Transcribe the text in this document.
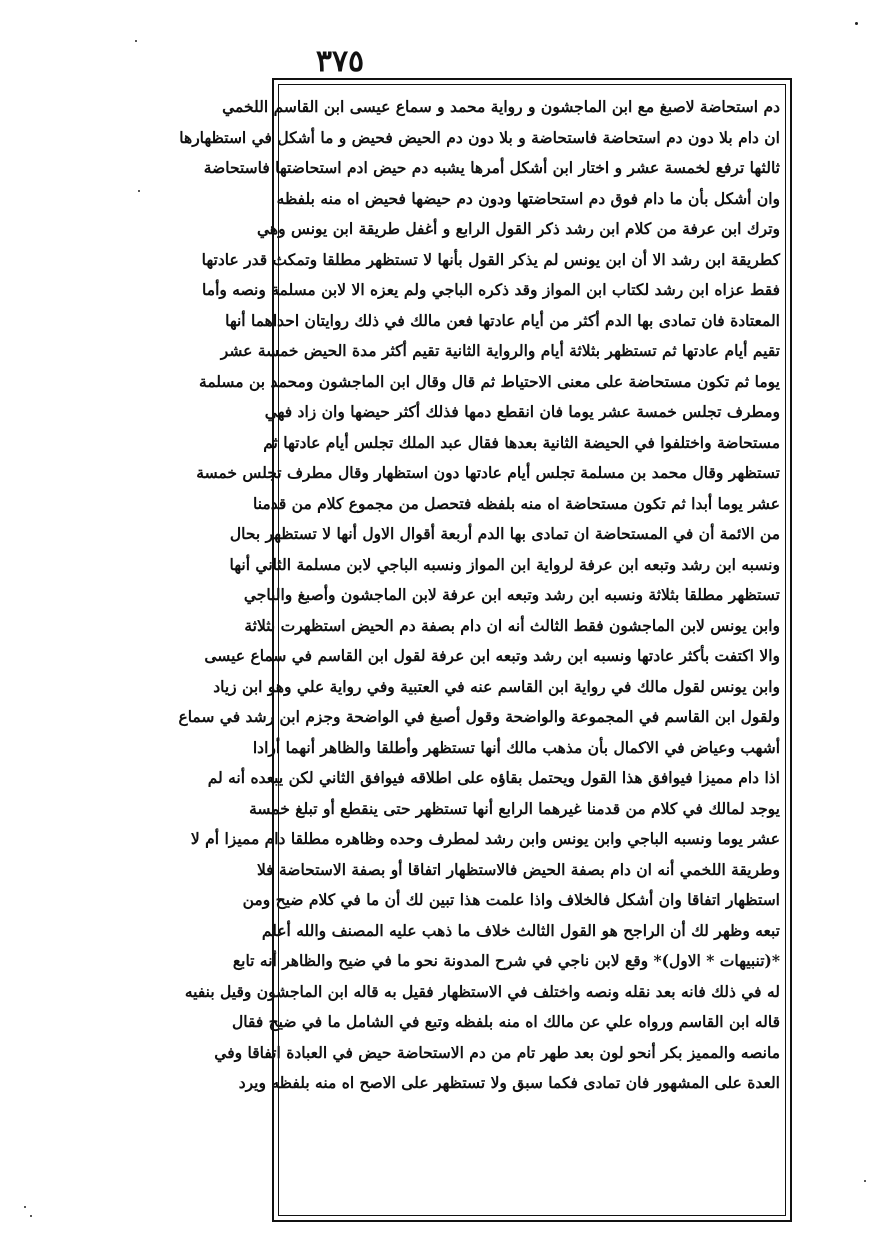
٣٧٥
دم استحاضة لاصبغ مع ابن الماجشون و رواية محمد و سماع عيسى ابن القاسم اللخمي
ان دام بلا دون دم استحاضة فاستحاضة و بلا دون دم الحيض فحيض و ما أشكل في استظهارها
ثالثها ترفع لخمسة عشر و اختار ابن أشكل أمرها يشبه دم حيض ادم استحاضتها فاستحاضة
وان أشكل بأن ما دام فوق دم استحاضتها ودون دم حيضها فحيض اه منه بلفظه
وترك ابن عرفة من كلام ابن رشد ذكر القول الرابع و أغفل طريقة ابن يونس وهي
كطريقة ابن رشد الا أن ابن يونس لم يذكر القول بأنها لا تستظهر مطلقا وتمكث قدر عادتها
فقط عزاه ابن رشد لكتاب ابن المواز وقد ذكره الباجي ولم يعزه الا لابن مسلمة ونصه وأما
المعتادة فان تمادى بها الدم أكثر من أيام عادتها فعن مالك في ذلك روايتان احداهما أنها
تقيم أيام عادتها ثم تستظهر بثلاثة أيام والرواية الثانية تقيم أكثر مدة الحيض خمسة عشر
يوما ثم تكون مستحاضة على معنى الاحتياط ثم قال وقال ابن الماجشون ومحمد بن مسلمة
ومطرف تجلس خمسة عشر يوما فان انقطع دمها فذلك أكثر حيضها وان زاد فهي
مستحاضة واختلفوا في الحيضة الثانية بعدها فقال عبد الملك تجلس أيام عادتها ثم
تستظهر وقال محمد بن مسلمة تجلس أيام عادتها دون استظهار وقال مطرف تجلس خمسة
عشر يوما أبدا ثم تكون مستحاضة اه منه بلفظه فتحصل من مجموع كلام من قدمنا
من الائمة أن في المستحاضة ان تمادى بها الدم أربعة أقوال الاول أنها لا تستظهر بحال
ونسبه ابن رشد وتبعه ابن عرفة لرواية ابن المواز ونسبه الباجي لابن مسلمة الثاني أنها
تستظهر مطلقا بثلاثة ونسبه ابن رشد وتبعه ابن عرفة لابن الماجشون وأصبغ والباجي
وابن يونس لابن الماجشون فقط الثالث أنه ان دام بصفة دم الحيض استظهرت بثلاثة
والا اكتفت بأكثر عادتها ونسبه ابن رشد وتبعه ابن عرفة لقول ابن القاسم في سماع عيسى
وابن يونس لقول مالك في رواية ابن القاسم عنه في العتبية وفي رواية علي وهو ابن زياد
ولقول ابن القاسم في المجموعة والواضحة وقول أصبغ في الواضحة وجزم ابن رشد في سماع
أشهب وعياض في الاكمال بأن مذهب مالك أنها تستظهر وأطلقا والظاهر أنهما أرادا
اذا دام مميزا فيوافق هذا القول ويحتمل بقاؤه على اطلاقه فيوافق الثاني لكن يبعده أنه لم
يوجد لمالك في كلام من قدمنا غيرهما الرابع أنها تستظهر حتى ينقطع أو تبلغ خمسة
عشر يوما ونسبه الباجي وابن يونس وابن رشد لمطرف وحده وظاهره مطلقا دام مميزا أم لا
وطريقة اللخمي أنه ان دام بصفة الحيض فالاستظهار اتفاقا أو بصفة الاستحاضة فلا
استظهار اتفاقا وان أشكل فالخلاف واذا علمت هذا تبين لك أن ما في كلام ضيح ومن
تبعه وظهر لك أن الراجح هو القول الثالث خلاف ما ذهب عليه المصنف والله أعلم
*(تنبيهات * الاول)* وقع لابن ناجي في شرح المدونة نحو ما في ضيح والظاهر أنه تابع
له في ذلك فانه بعد نقله ونصه واختلف في الاستظهار فقيل به قاله ابن الماجشون وقيل بنفيه
قاله ابن القاسم ورواه علي عن مالك اه منه بلفظه وتبع في الشامل ما في ضيح فقال
مانصه والمميز بكر أنحو لون بعد طهر تام من دم الاستحاضة حيض في العبادة اتفاقا وفي
العدة على المشهور فان تمادى فكما سبق ولا تستظهر على الاصح اه منه بلفظه ويرد
